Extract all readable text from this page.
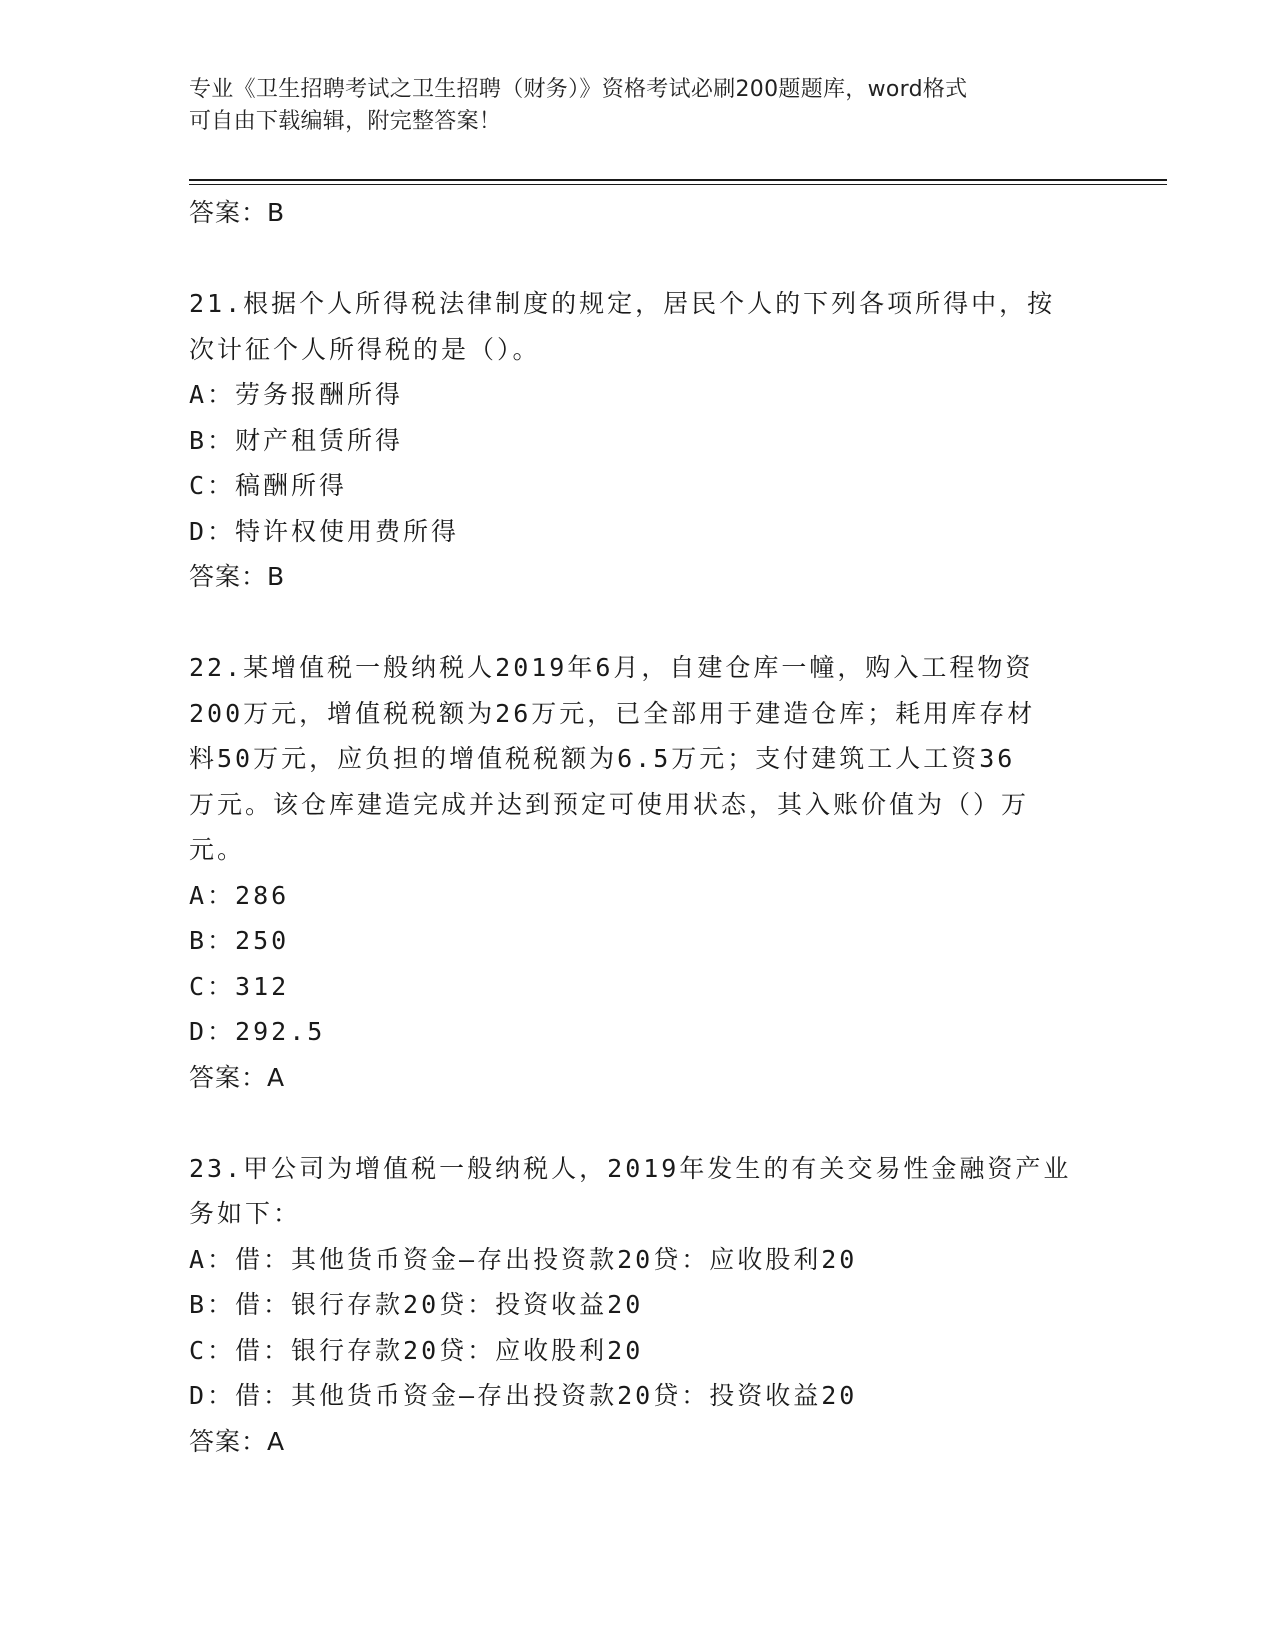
专业《卫生招聘考试之卫生招聘（财务）》资格考试必刷200题题库，word格式
可自由下载编辑，附完整答案！
答案：B
21.根据个人所得税法律制度的规定，居民个人的下列各项所得中，按
次计征个人所得税的是（）。
A：劳务报酬所得
B：财产租赁所得
C：稿酬所得
D：特许权使用费所得
答案：B
22.某增值税一般纳税人2019年6月，自建仓库一幢，购入工程物资
200万元，增值税税额为26万元，已全部用于建造仓库；耗用库存材
料50万元，应负担的增值税税额为6.5万元；支付建筑工人工资36
万元。该仓库建造完成并达到预定可使用状态，其入账价值为（）万
元。
A：286
B：250
C：312
D：292.5
答案：A
23.甲公司为增值税一般纳税人，2019年发生的有关交易性金融资产业
务如下：
A：借：其他货币资金—存出投资款20贷：应收股利20
B：借：银行存款20贷：投资收益20
C：借：银行存款20贷：应收股利20
D：借：其他货币资金—存出投资款20贷：投资收益20
答案：A
